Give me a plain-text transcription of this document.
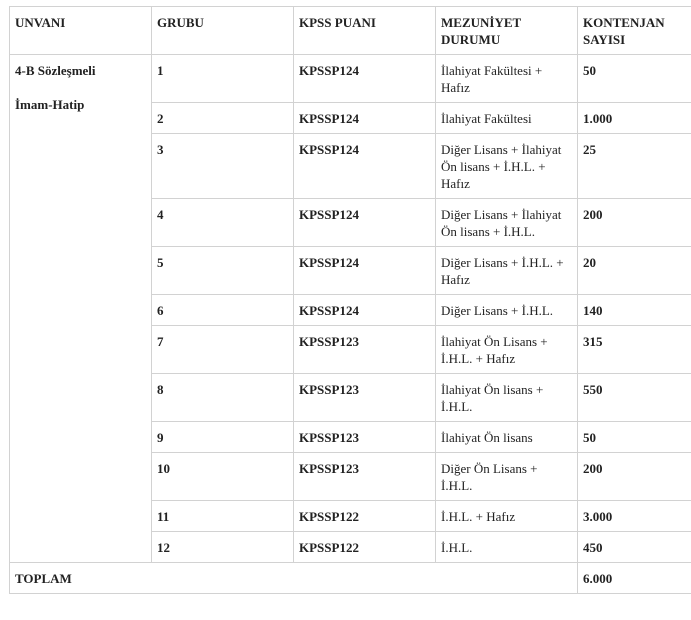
UNVANI	GRUBU	KPSS PUANI	MEZUNİYET DURUMU	KONTENJAN SAYISI

4-B Sözleşmeli
İmam-Hatip	1	KPSSP124	İlahiyat Fakültesi + Hafız	50
	2	KPSSP124	İlahiyat Fakültesi	1.000
	3	KPSSP124	Diğer Lisans + İlahiyat Ön lisans + İ.H.L. + Hafız	25
	4	KPSSP124	Diğer Lisans + İlahiyat Ön lisans + İ.H.L.	200
	5	KPSSP124	Diğer Lisans + İ.H.L. + Hafız	20
	6	KPSSP124	Diğer Lisans + İ.H.L.	140
	7	KPSSP123	İlahiyat Ön Lisans + İ.H.L. + Hafız	315
	8	KPSSP123	İlahiyat Ön lisans + İ.H.L.	550
	9	KPSSP123	İlahiyat Ön lisans	50
	10	KPSSP123	Diğer Ön Lisans + İ.H.L.	200
	11	KPSSP122	İ.H.L. + Hafız	3.000
	12	KPSSP122	İ.H.L.	450
TOPLAM				6.000
